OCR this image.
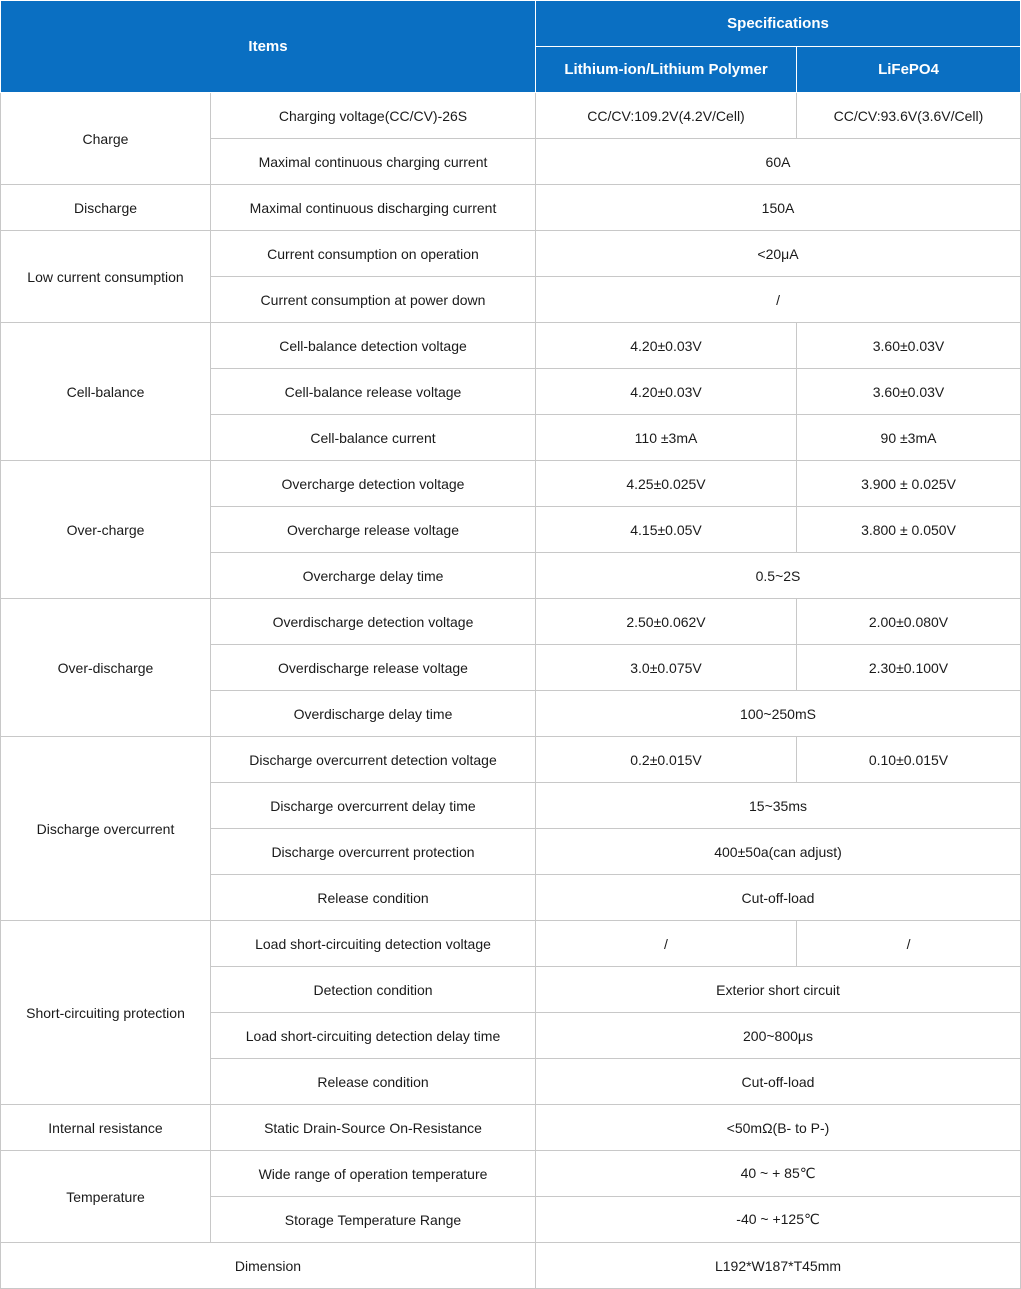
Items		Specifications	
		Lithium-ion/Lithium Polymer	LiFePO4
Charge	Charging voltage(CC/CV)-26S	CC/CV:109.2V(4.2V/Cell)	CC/CV:93.6V(3.6V/Cell)
	Maximal continuous charging current	60A	
Discharge	Maximal continuous discharging current	150A	
Low current consumption	Current consumption on operation	<20μA	
	Current consumption at power down	/	
Cell-balance	Cell-balance detection voltage	4.20±0.03V	3.60±0.03V
	Cell-balance release voltage	4.20±0.03V	3.60±0.03V
	Cell-balance current	110 ±3mA	90 ±3mA
Over-charge	Overcharge detection voltage	4.25±0.025V	3.900 ± 0.025V
	Overcharge release voltage	4.15±0.05V	3.800 ± 0.050V
	Overcharge delay time	0.5~2S	
Over-discharge	Overdischarge detection voltage	2.50±0.062V	2.00±0.080V
	Overdischarge release voltage	3.0±0.075V	2.30±0.100V
	Overdischarge delay time	100~250mS	
Discharge overcurrent	Discharge overcurrent detection voltage	0.2±0.015V	0.10±0.015V
	Discharge overcurrent delay time	15~35ms	
	Discharge overcurrent protection	400±50a(can adjust)	
	Release condition	Cut-off-load	
Short-circuiting protection	Load short-circuiting detection voltage	/	/
	Detection condition	Exterior short circuit	
	Load short-circuiting detection delay time	200~800μs	
	Release condition	Cut-off-load	
Internal resistance	Static Drain-Source On-Resistance	<50mΩ(B- to P-)	
Temperature	Wide range of operation temperature	40 ~ + 85℃	
	Storage Temperature Range	-40 ~ +125℃	
Dimension		L192*W187*T45mm	
